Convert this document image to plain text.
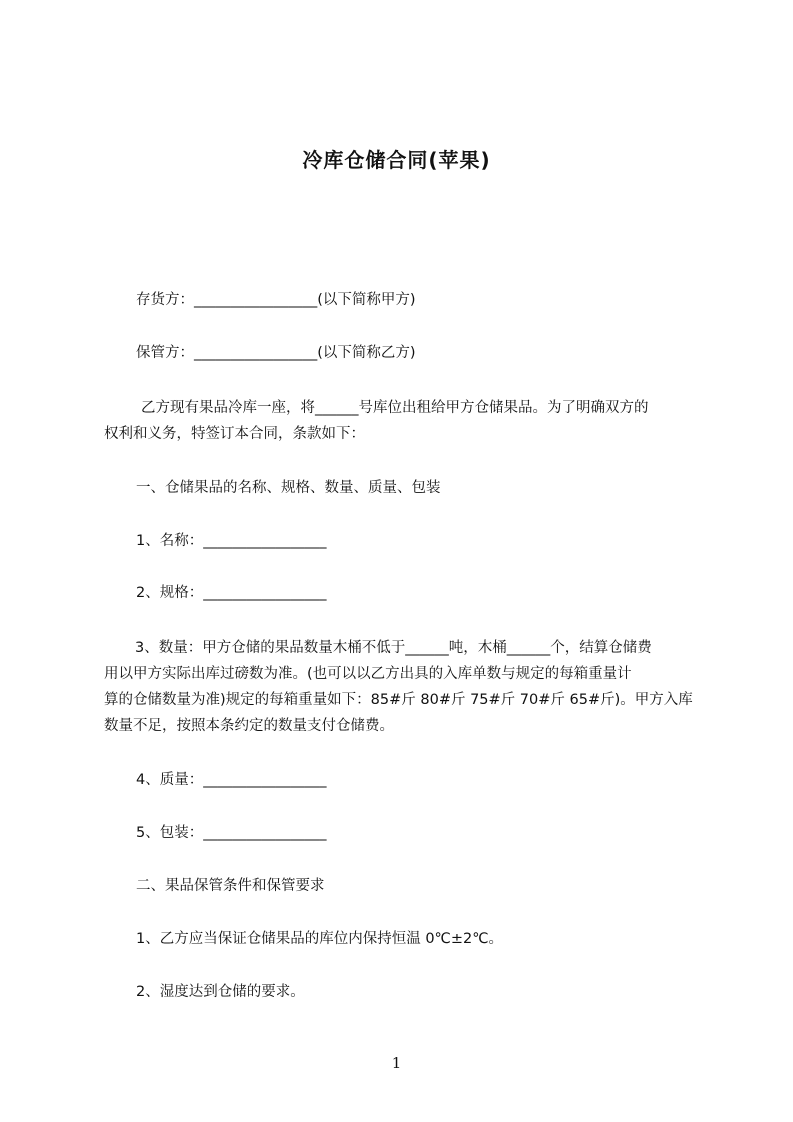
冷库仓储合同(苹果)
存货方：_________________(以下简称甲方)
保管方：_________________(以下简称乙方)
乙方现有果品冷库一座，将______号库位出租给甲方仓储果品。为了明确双方的
权利和义务，特签订本合同，条款如下：
一、仓储果品的名称、规格、数量、质量、包装
1、名称：_________________
2、规格：_________________
3、数量：甲方仓储的果品数量木桶不低于______吨，木桶______个，结算仓储费
用以甲方实际出库过磅数为准。(也可以以乙方出具的入库单数与规定的每箱重量计
算的仓储数量为准)规定的每箱重量如下：85#斤 80#斤 75#斤 70#斤 65#斤)。甲方入库
数量不足，按照本条约定的数量支付仓储费。
4、质量：_________________
5、包装：_________________
二、果品保管条件和保管要求
1、乙方应当保证仓储果品的库位内保持恒温 0℃±2℃。
2、湿度达到仓储的要求。
1
